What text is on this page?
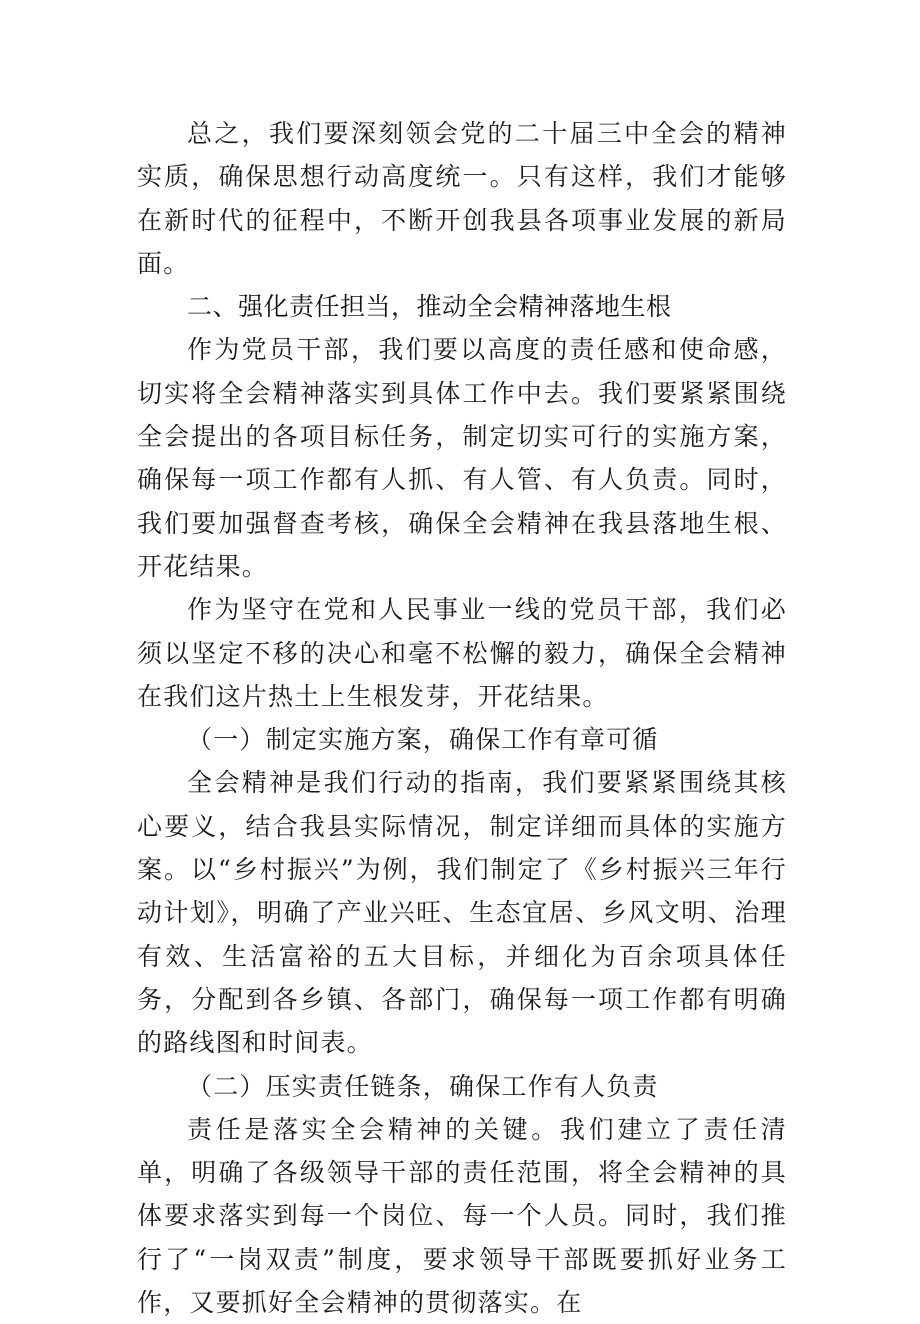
总之，我们要深刻领会党的二十届三中全会的精神实质，确保思想行动高度统一。只有这样，我们才能够在新时代的征程中，不断开创我县各项事业发展的新局面。

二、强化责任担当，推动全会精神落地生根

作为党员干部，我们要以高度的责任感和使命感，切实将全会精神落实到具体工作中去。我们要紧紧围绕全会提出的各项目标任务，制定切实可行的实施方案，确保每一项工作都有人抓、有人管、有人负责。同时，我们要加强督查考核，确保全会精神在我县落地生根、开花结果。

作为坚守在党和人民事业一线的党员干部，我们必须以坚定不移的决心和毫不松懈的毅力，确保全会精神在我们这片热土上生根发芽，开花结果。

（一）制定实施方案，确保工作有章可循

全会精神是我们行动的指南，我们要紧紧围绕其核心要义，结合我县实际情况，制定详细而具体的实施方案。以“乡村振兴”为例，我们制定了《乡村振兴三年行动计划》，明确了产业兴旺、生态宜居、乡风文明、治理有效、生活富裕的五大目标，并细化为百余项具体任务，分配到各乡镇、各部门，确保每一项工作都有明确的路线图和时间表。

（二）压实责任链条，确保工作有人负责

责任是落实全会精神的关键。我们建立了责任清单，明确了各级领导干部的责任范围，将全会精神的具体要求落实到每一个岗位、每一个人员。同时，我们推行了“一岗双责”制度，要求领导干部既要抓好业务工作，又要抓好全会精神的贯彻落实。在
